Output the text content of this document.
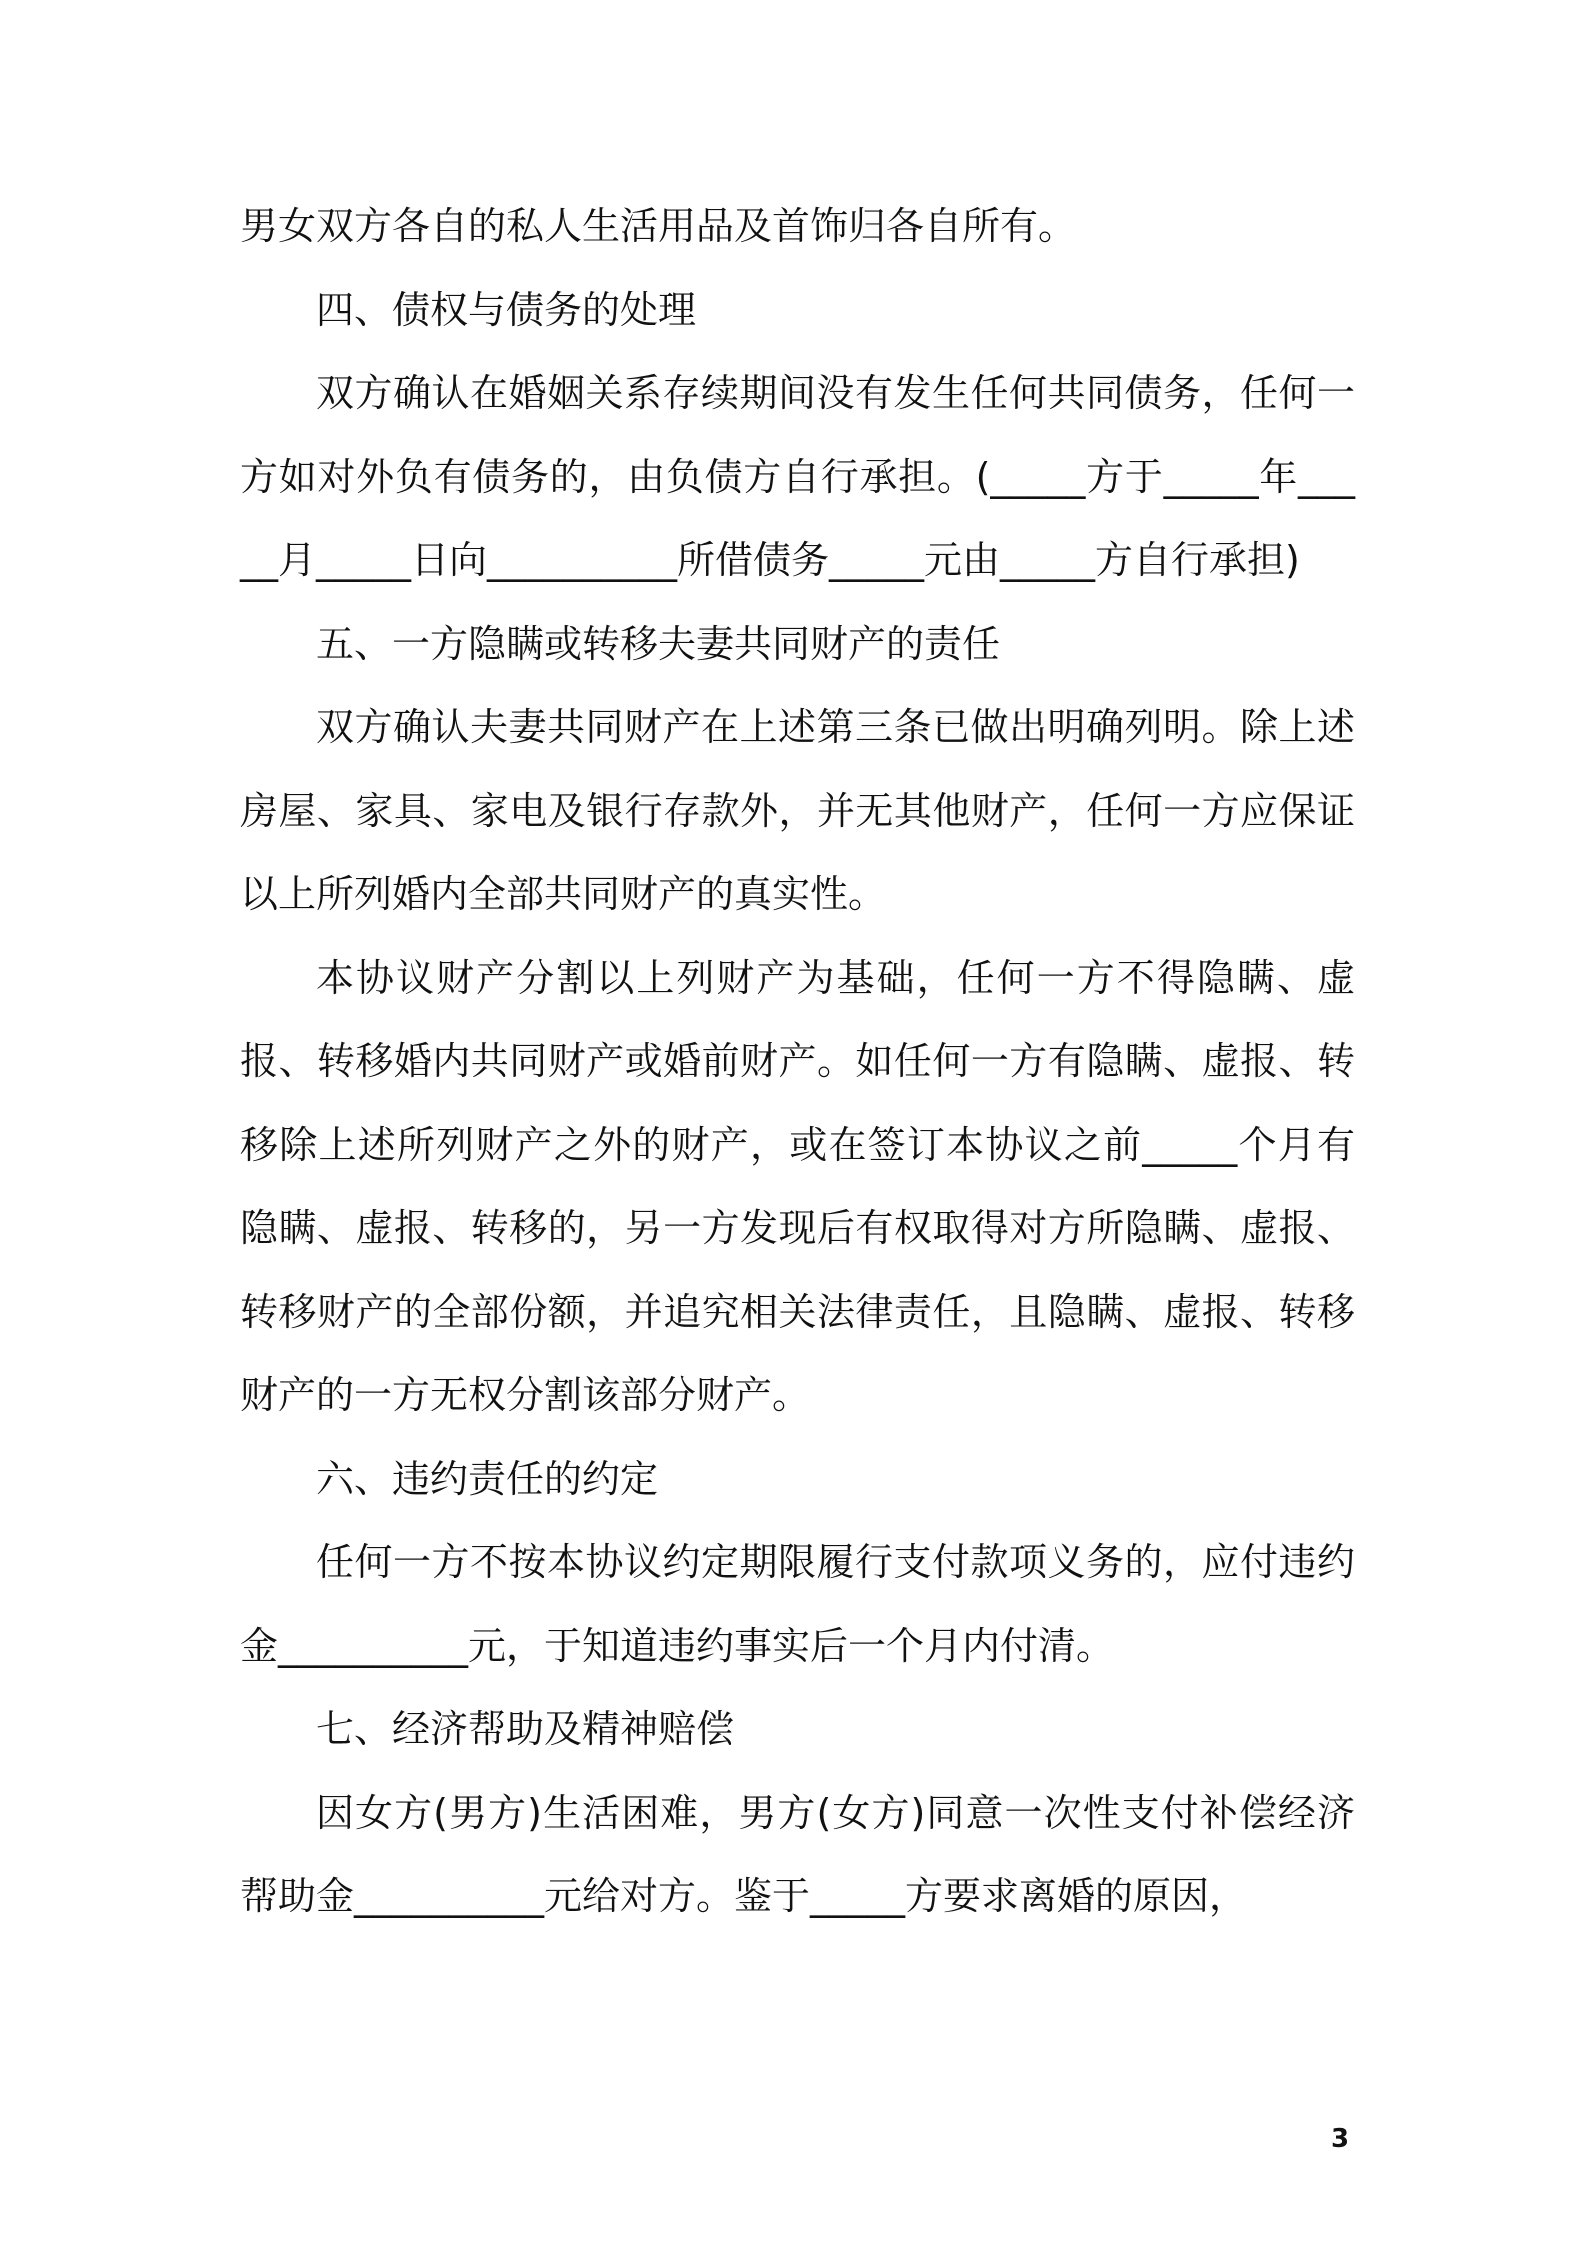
男女双方各自的私人生活用品及首饰归各自所有。

四、债权与债务的处理

双方确认在婚姻关系存续期间没有发生任何共同债务，任何一方如对外负有债务的，由负债方自行承担。(_____方于_____年_____月_____日向__________所借债务_____元由_____方自行承担)

五、一方隐瞒或转移夫妻共同财产的责任

双方确认夫妻共同财产在上述第三条已做出明确列明。除上述房屋、家具、家电及银行存款外，并无其他财产，任何一方应保证以上所列婚内全部共同财产的真实性。

本协议财产分割以上列财产为基础，任何一方不得隐瞒、虚报、转移婚内共同财产或婚前财产。如任何一方有隐瞒、虚报、转移除上述所列财产之外的财产，或在签订本协议之前_____个月有隐瞒、虚报、转移的，另一方发现后有权取得对方所隐瞒、虚报、转移财产的全部份额，并追究相关法律责任，且隐瞒、虚报、转移财产的一方无权分割该部分财产。

六、违约责任的约定

任何一方不按本协议约定期限履行支付款项义务的，应付违约金__________元，于知道违约事实后一个月内付清。

七、经济帮助及精神赔偿

因女方(男方)生活困难，男方(女方)同意一次性支付补偿经济帮助金__________元给对方。鉴于_____方要求离婚的原因，

3
